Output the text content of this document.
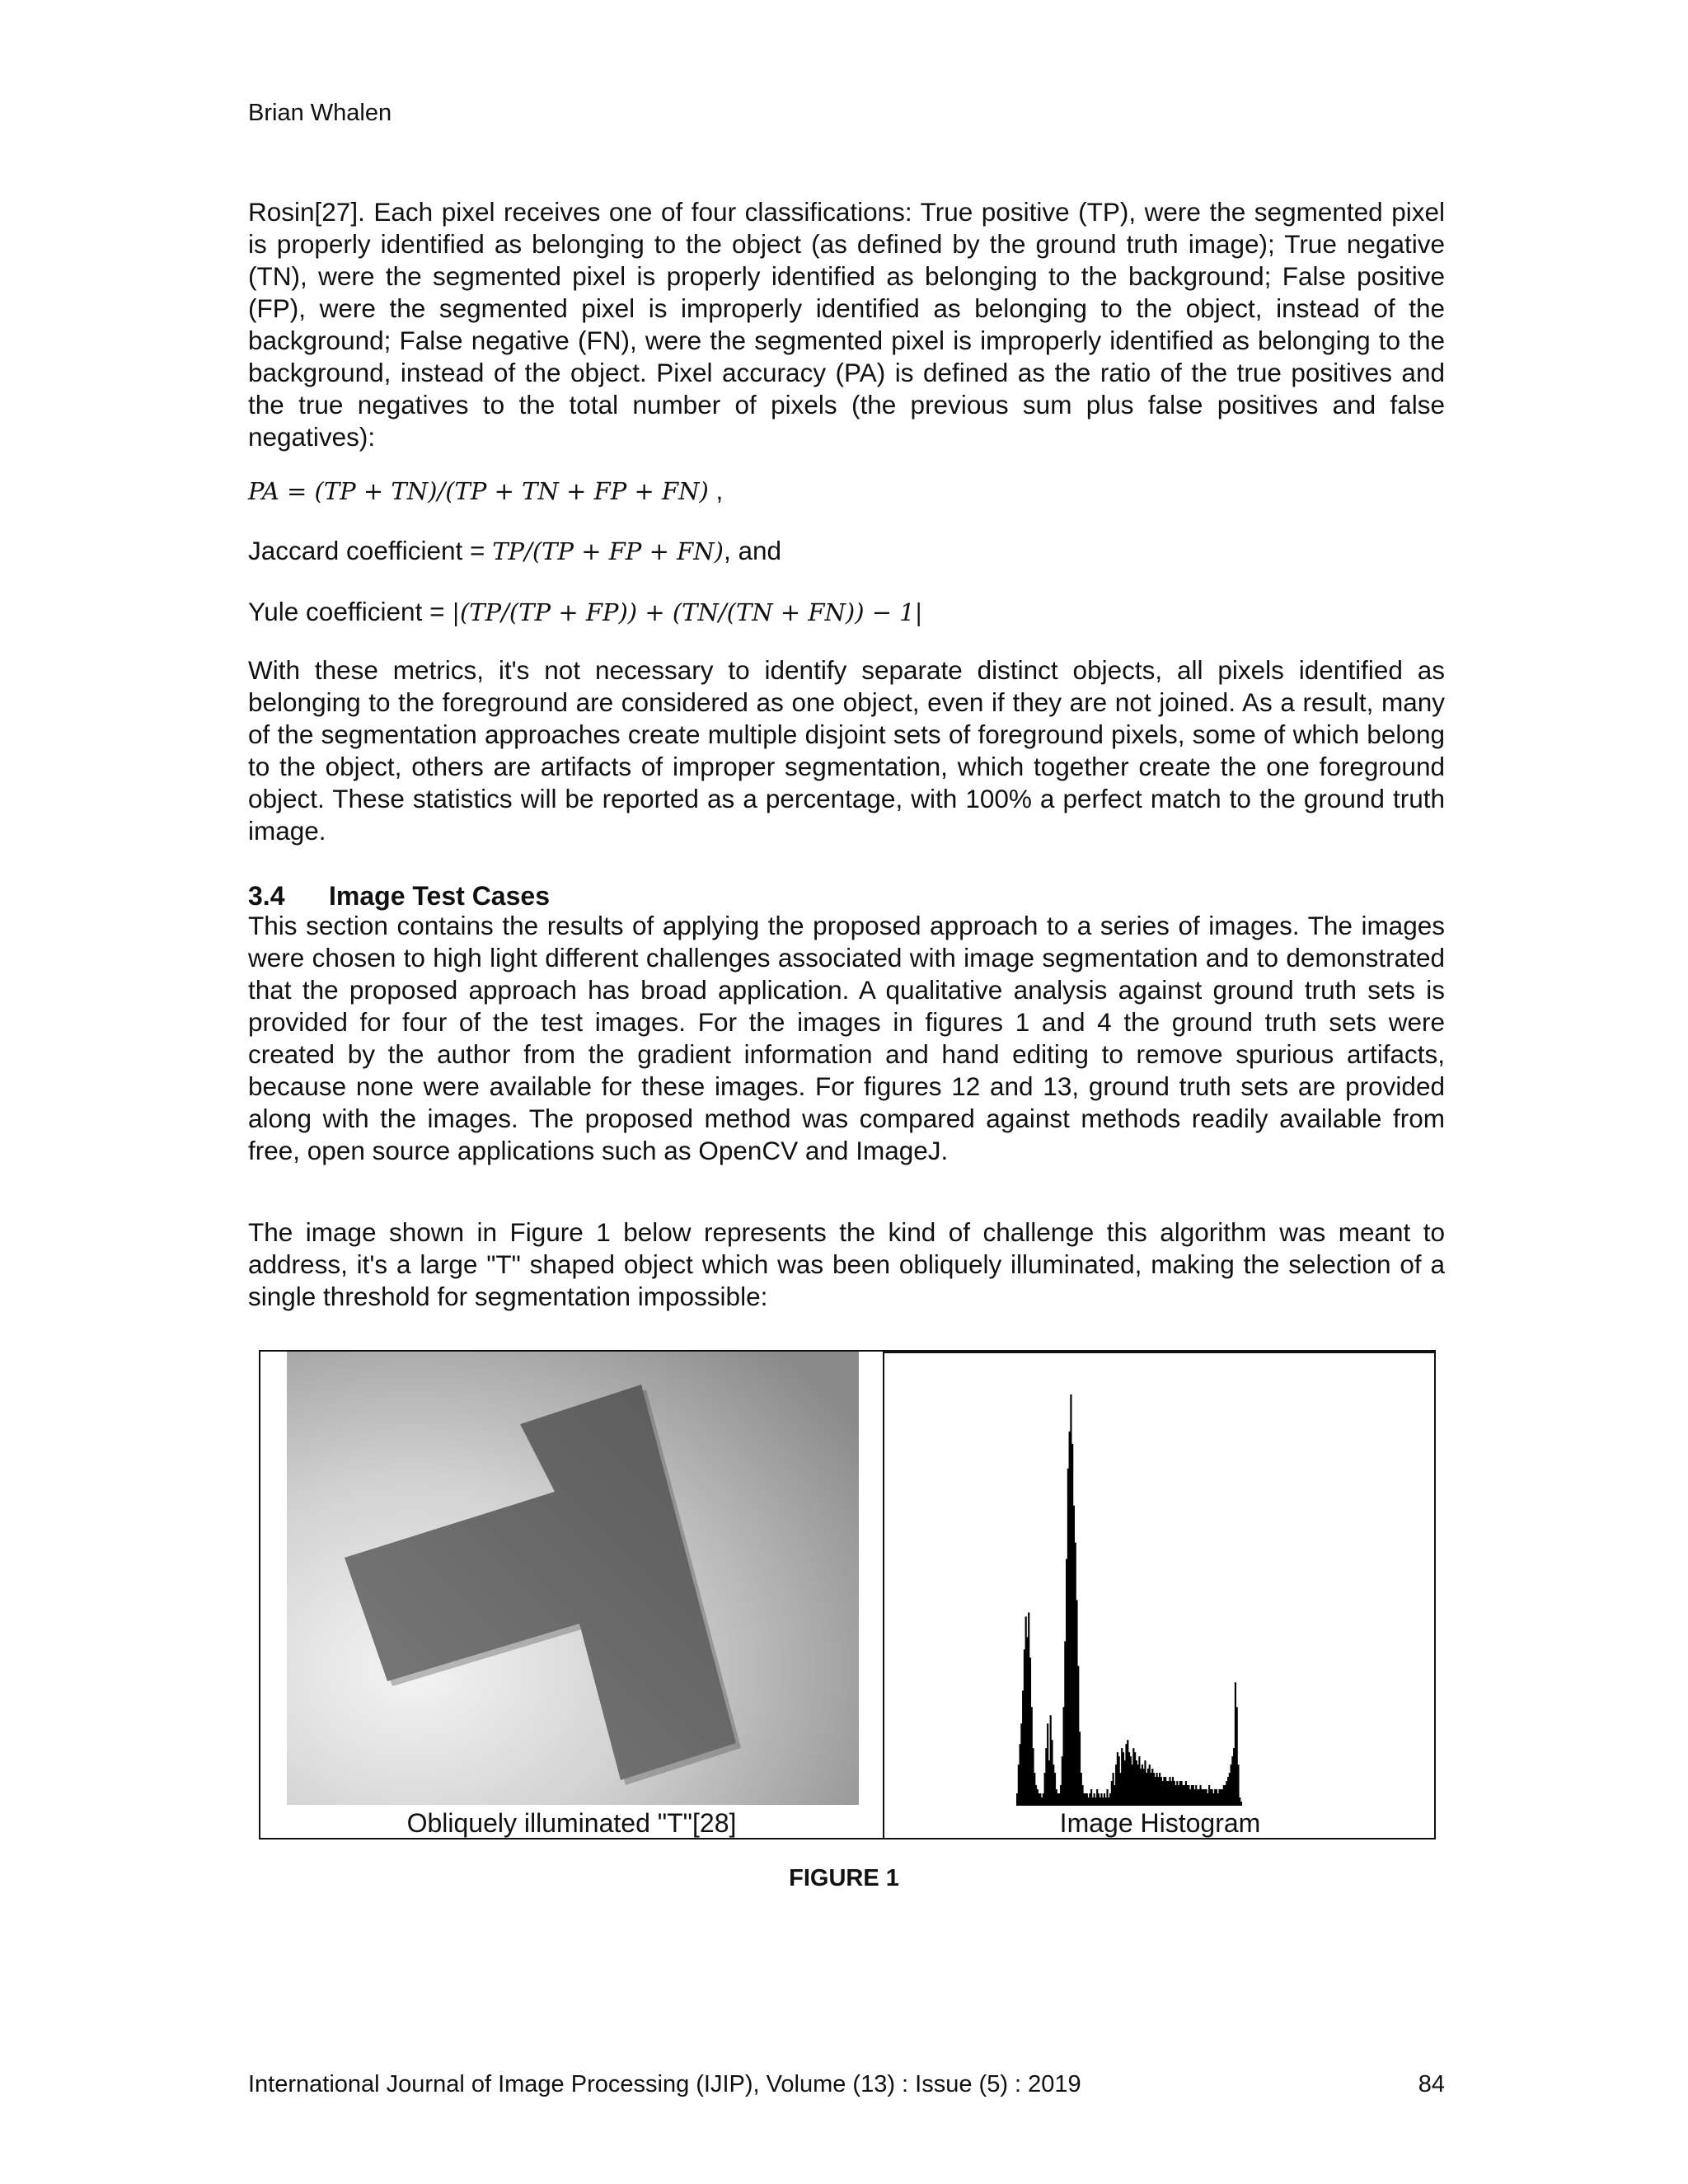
Brian Whalen

Rosin[27]. Each pixel receives one of four classifications: True positive (TP), were the segmented pixel is properly identified as belonging to the object (as defined by the ground truth image); True negative (TN), were the segmented pixel is properly identified as belonging to the background; False positive (FP), were the segmented pixel is improperly identified as belonging to the object, instead of the background; False negative (FN), were the segmented pixel is improperly identified as belonging to the background, instead of the object. Pixel accuracy (PA) is defined as the ratio of the true positives and the true negatives to the total number of pixels (the previous sum plus false positives and false negatives):

PA = (TP + TN)/(TP + TN + FP + FN) ,

Jaccard coefficient = TP/(TP + FP + FN), and

Yule coefficient = |(TP/(TP + FP)) + (TN/(TN + FN)) − 1|

With these metrics, it's not necessary to identify separate distinct objects, all pixels identified as belonging to the foreground are considered as one object, even if they are not joined. As a result, many of the segmentation approaches create multiple disjoint sets of foreground pixels, some of which belong to the object, others are artifacts of improper segmentation, which together create the one foreground object. These statistics will be reported as a percentage, with 100% a perfect match to the ground truth image.

3.4 Image Test Cases

This section contains the results of applying the proposed approach to a series of images. The images were chosen to high light different challenges associated with image segmentation and to demonstrated that the proposed approach has broad application. A qualitative analysis against ground truth sets is provided for four of the test images. For the images in figures 1 and 4 the ground truth sets were created by the author from the gradient information and hand editing to remove spurious artifacts, because none were available for these images. For figures 12 and 13, ground truth sets are provided along with the images. The proposed method was compared against methods readily available from free, open source applications such as OpenCV and ImageJ.

The image shown in Figure 1 below represents the kind of challenge this algorithm was meant to address, it's a large "T" shaped object which was been obliquely illuminated, making the selection of a single threshold for segmentation impossible:

Obliquely illuminated "T"[28]	Image Histogram

FIGURE 1

International Journal of Image Processing (IJIP), Volume (13) : Issue (5) : 2019	84
